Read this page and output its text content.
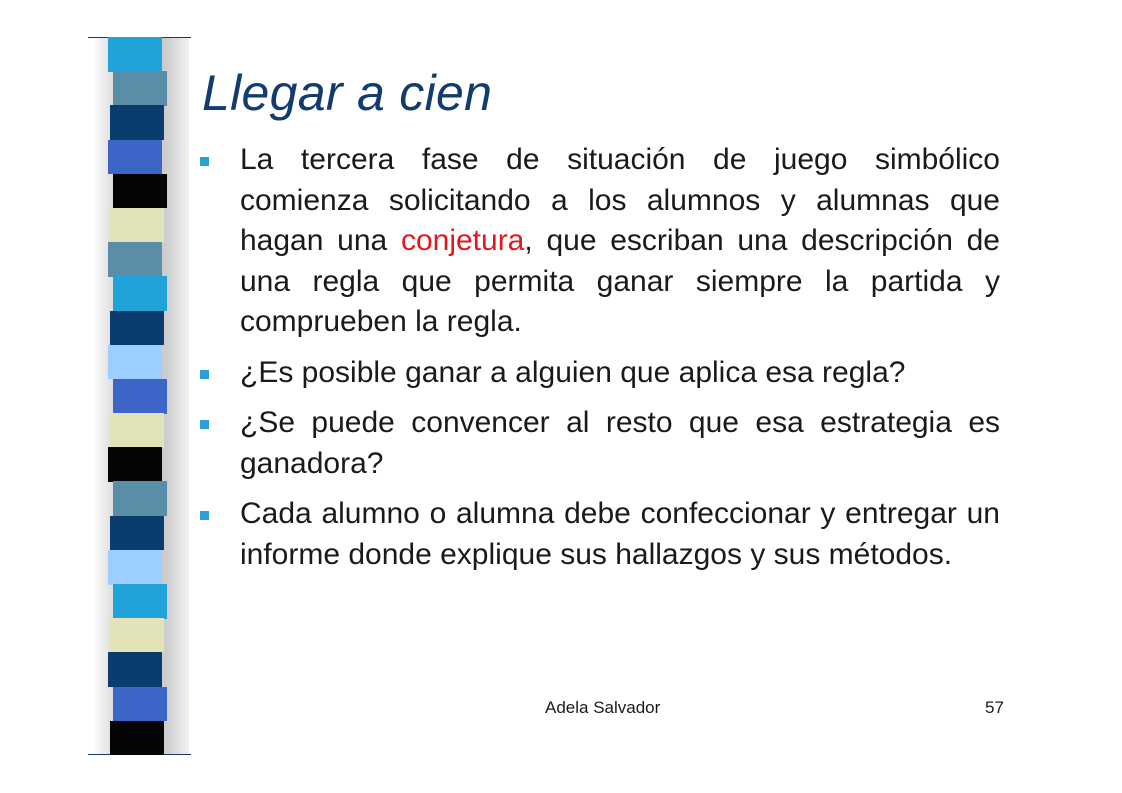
Llegar a cien
La tercera fase de situación de juego simbólico comienza solicitando a los alumnos y alumnas que hagan una conjetura, que escriban una descripción de una regla que permita ganar siempre la partida y comprueben la regla.
¿Es posible ganar a alguien que aplica esa regla?
¿Se puede convencer al resto que esa estrategia es ganadora?
Cada alumno o alumna debe confeccionar y entregar un informe donde explique sus hallazgos y sus métodos.
Adela Salvador	57
